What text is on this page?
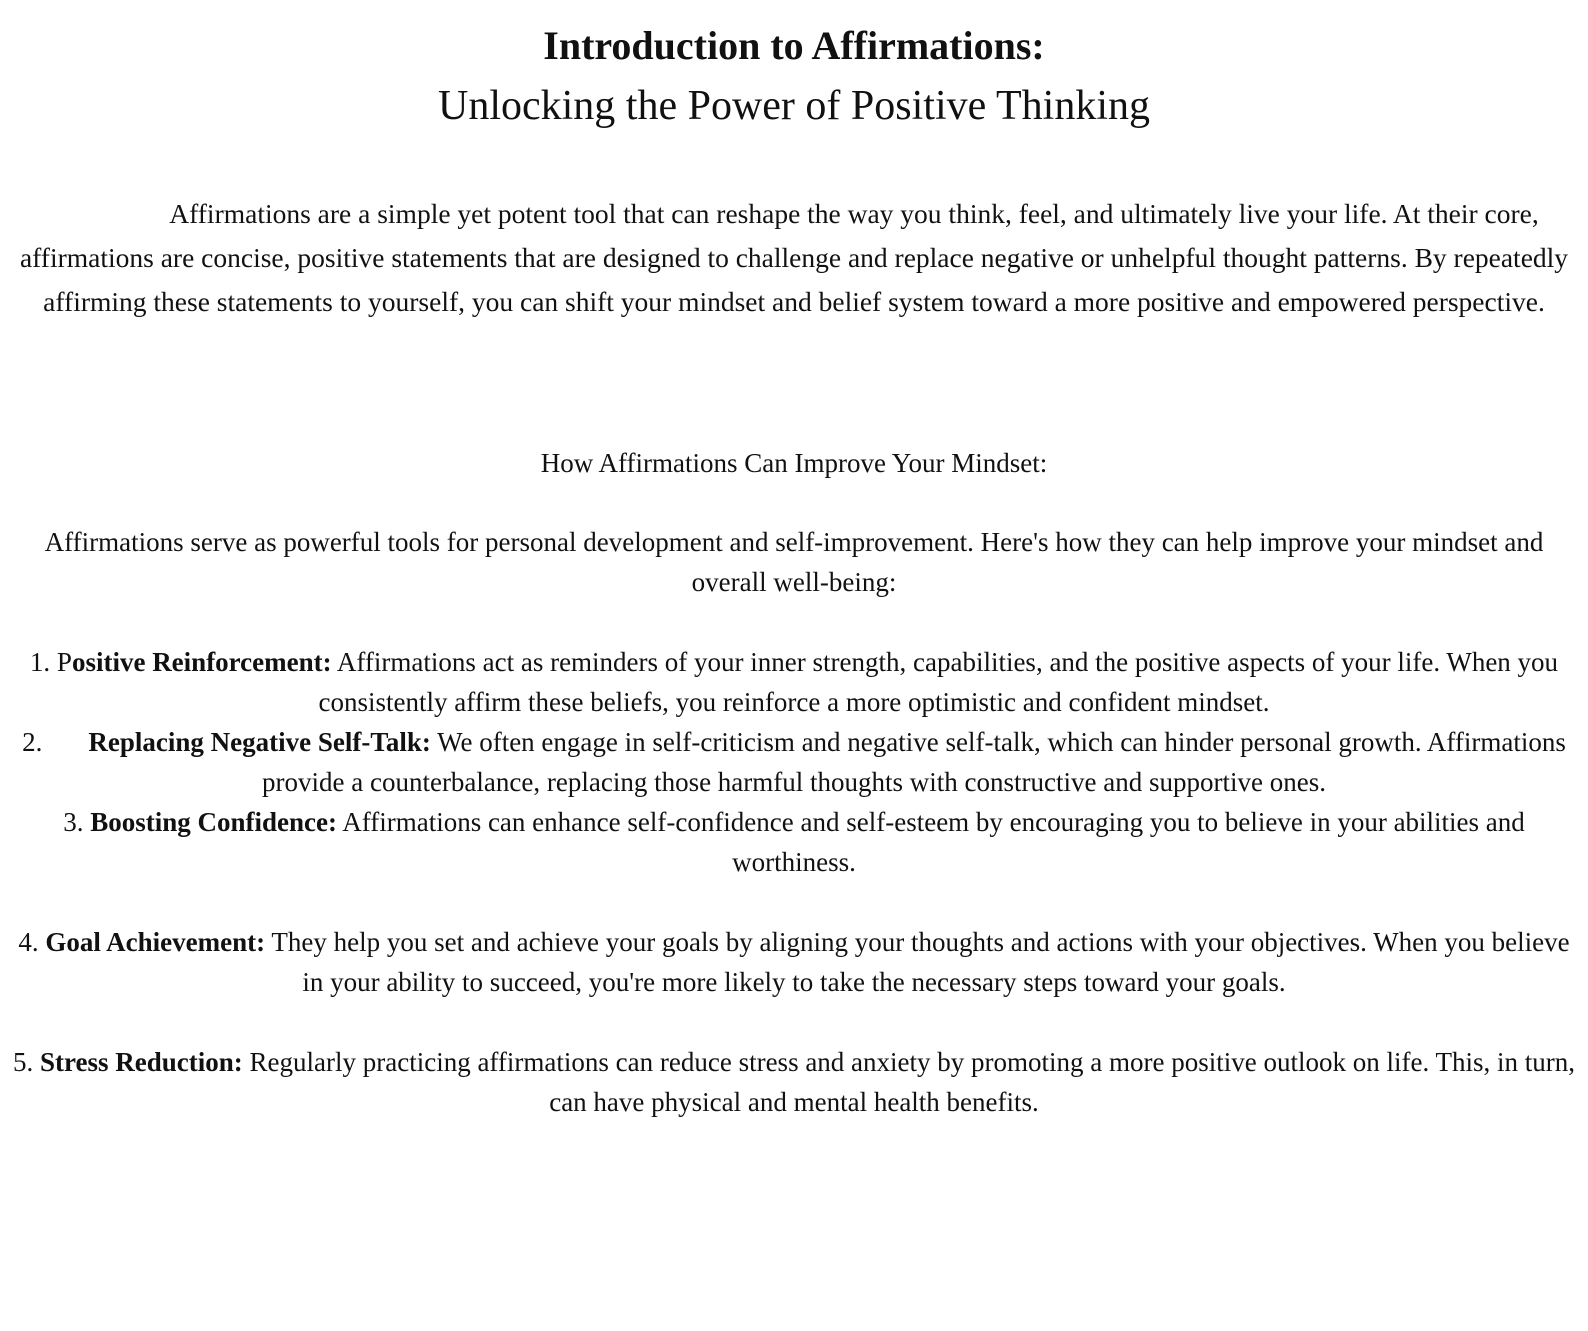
Introduction to Affirmations:
Unlocking the Power of Positive Thinking

Affirmations are a simple yet potent tool that can reshape the way you think, feel, and ultimately live your life. At their core, affirmations are concise, positive statements that are designed to challenge and replace negative or unhelpful thought patterns. By repeatedly affirming these statements to yourself, you can shift your mindset and belief system toward a more positive and empowered perspective.

How Affirmations Can Improve Your Mindset:

Affirmations serve as powerful tools for personal development and self-improvement. Here's how they can help improve your mindset and overall well-being:

1. Positive Reinforcement: Affirmations act as reminders of your inner strength, capabilities, and the positive aspects of your life. When you consistently affirm these beliefs, you reinforce a more optimistic and confident mindset.

2. Replacing Negative Self-Talk: We often engage in self-criticism and negative self-talk, which can hinder personal growth. Affirmations provide a counterbalance, replacing those harmful thoughts with constructive and supportive ones.

3. Boosting Confidence: Affirmations can enhance self-confidence and self-esteem by encouraging you to believe in your abilities and worthiness.

4. Goal Achievement: They help you set and achieve your goals by aligning your thoughts and actions with your objectives. When you believe in your ability to succeed, you're more likely to take the necessary steps toward your goals.

5. Stress Reduction: Regularly practicing affirmations can reduce stress and anxiety by promoting a more positive outlook on life. This, in turn, can have physical and mental health benefits.
